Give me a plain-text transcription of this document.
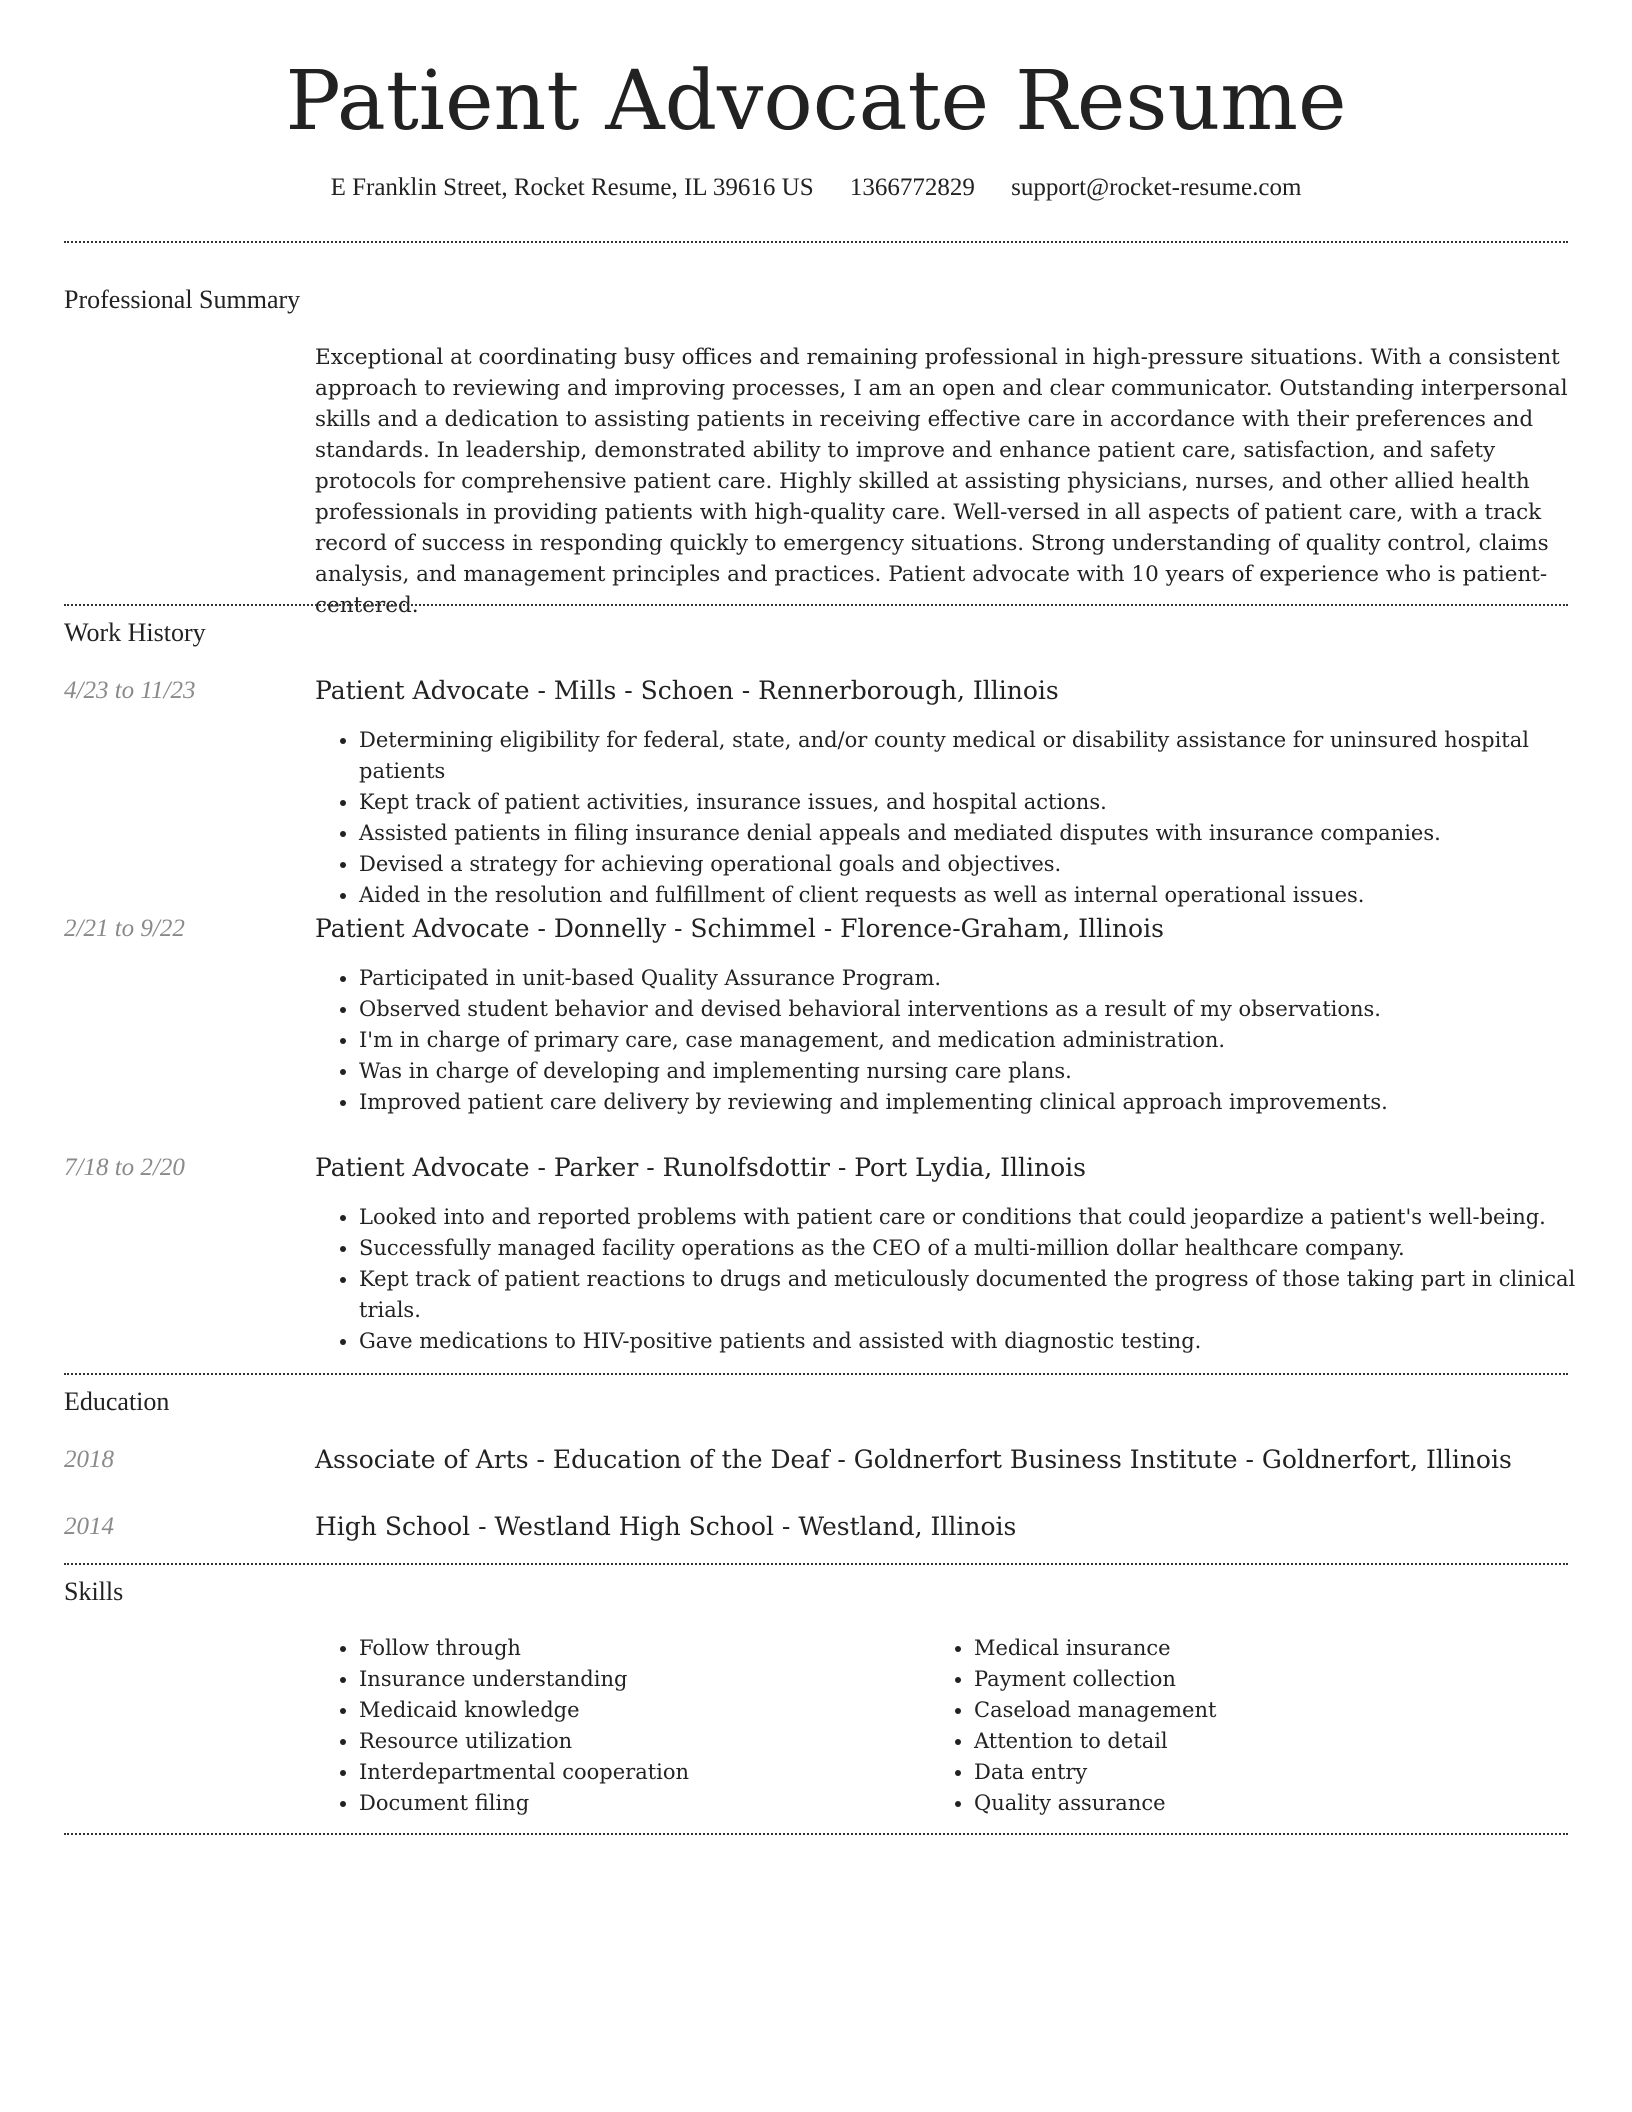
Patient Advocate Resume
E Franklin Street, Rocket Resume, IL 39616 US 1366772829 support@rocket-resume.com
Professional Summary

Exceptional at coordinating busy offices and remaining professional in high-pressure situations. With a consistent approach to reviewing and improving processes, I am an open and clear communicator. Outstanding interpersonal skills and a dedication to assisting patients in receiving effective care in accordance with their preferences and standards. In leadership, demonstrated ability to improve and enhance patient care, satisfaction, and safety protocols for comprehensive patient care. Highly skilled at assisting physicians, nurses, and other allied health professionals in providing patients with high-quality care. Well-versed in all aspects of patient care, with a track record of success in responding quickly to emergency situations. Strong understanding of quality control, claims analysis, and management principles and practices. Patient advocate with 10 years of experience who is patient-centered.

Work History
4/23 to 11/23	Patient Advocate - Mills - Schoen - Rennerborough, Illinois
• Determining eligibility for federal, state, and/or county medical or disability assistance for uninsured hospital patients
• Kept track of patient activities, insurance issues, and hospital actions.
• Assisted patients in filing insurance denial appeals and mediated disputes with insurance companies.
• Devised a strategy for achieving operational goals and objectives.
• Aided in the resolution and fulfillment of client requests as well as internal operational issues.
2/21 to 9/22	Patient Advocate - Donnelly - Schimmel - Florence-Graham, Illinois
• Participated in unit-based Quality Assurance Program.
• Observed student behavior and devised behavioral interventions as a result of my observations.
• I'm in charge of primary care, case management, and medication administration.
• Was in charge of developing and implementing nursing care plans.
• Improved patient care delivery by reviewing and implementing clinical approach improvements.
7/18 to 2/20	Patient Advocate - Parker - Runolfsdottir - Port Lydia, Illinois
• Looked into and reported problems with patient care or conditions that could jeopardize a patient's well-being.
• Successfully managed facility operations as the CEO of a multi-million dollar healthcare company.
• Kept track of patient reactions to drugs and meticulously documented the progress of those taking part in clinical trials.
• Gave medications to HIV-positive patients and assisted with diagnostic testing.
Education
2018	Associate of Arts - Education of the Deaf - Goldnerfort Business Institute - Goldnerfort, Illinois
2014	High School - Westland High School - Westland, Illinois
Skills
• Follow through
• Insurance understanding
• Medicaid knowledge
• Resource utilization
• Interdepartmental cooperation
• Document filing
• Medical insurance
• Payment collection
• Caseload management
• Attention to detail
• Data entry
• Quality assurance
